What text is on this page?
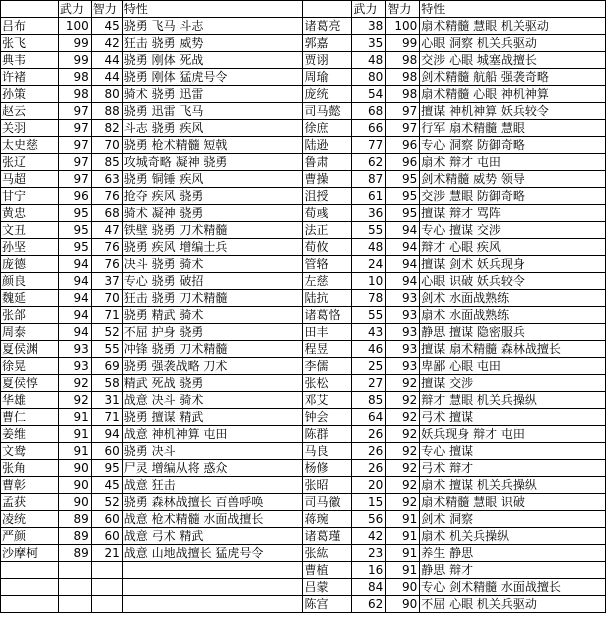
	武力	智力	特性		武力	智力	特性
吕布	100	45	骁勇 飞马 斗志	诸葛亮	38	100	扇术精髓 慧眼 机关驱动
张飞	99	42	狂击 骁勇 威势	郭嘉	35	99	心眼 洞察 机关兵驱动
典韦	99	44	骁勇 刚体 死战	贾诩	48	98	交涉 心眼 城塞战擅长
许褚	98	44	骁勇 刚体 猛虎号令	周瑜	80	98	剑术精髓 航船 强袭奇略
孙策	98	80	骑术 骁勇 迅雷	庞统	54	98	扇术精髓 心眼 神机神算
赵云	97	88	骁勇 迅雷 飞马	司马懿	68	97	擅谋 神机神算 妖兵较令
关羽	97	82	斗志 骁勇 疾风	徐庶	66	97	行军 扇术精髓 慧眼
太史慈	97	70	骁勇 枪术精髓 短戟	陆逊	77	96	专心 洞察 防御奇略
张辽	97	85	攻城奇略 凝神 骁勇	鲁肃	62	96	扇术 辩才 屯田
马超	97	63	骁勇 铜锤 疾风	曹操	87	95	剑术精髓 威势 领导
甘宁	96	76	抢夺 疾风 骁勇	沮授	61	95	交涉 慧眼 防御奇略
黄忠	95	68	骑术 凝神 骁勇	荀彧	36	95	擅谋 辩才 骂阵
文丑	95	47	铁壁 骁勇 刀术精髓	法正	55	94	专心 擅谋 交涉
孙坚	95	76	骁勇 疾风 增编士兵	荀攸	48	94	辩才 心眼 疾风
庞德	94	76	决斗 骁勇 骑术	管辂	24	94	擅谋 剑术 妖兵现身
颜良	94	37	专心 骁勇 破招	左慈	10	94	心眼 识破 妖兵较令
魏延	94	70	狂击 骁勇 刀术精髓	陆抗	78	93	剑术 水面战熟练
张郃	94	71	骁勇 精武 骑术	诸葛恪	55	93	扇术 水面战熟练
周泰	94	52	不屈 护身 骁勇	田丰	43	93	静思 擅谋 隐密服兵
夏侯渊	93	55	冲锋 骁勇 刀术精髓	程昱	46	93	擅谋 扇术精髓 森林战擅长
徐晃	93	69	骁勇 强袭战略 刀术	李儒	25	93	卑鄙 心眼 屯田
夏侯惇	92	58	精武 死战 骁勇	张松	27	92	擅谋 交涉
华雄	92	31	战意 决斗 骑术	邓艾	85	92	辩才 慧眼 机关兵操纵
曹仁	91	71	骁勇 擅谋 精武	钟会	64	92	弓术 擅谋
姜维	91	94	战意 神机神算 屯田	陈群	26	92	妖兵现身 辩才 屯田
文鸯	91	60	骁勇 决斗	马良	26	92	专心 擅谋
张角	90	95	尸灵 增编从将 惑众	杨修	26	92	弓术 辩才
曹彰	90	45	战意 狂击	张昭	20	92	扇术 擅谋 机关兵操纵
孟获	90	52	骁勇 森林战擅长 百兽呼唤	司马徽	15	92	扇术精髓 慧眼 识破
凌统	89	60	战意 枪术精髓 水面战擅长	蒋琬	56	91	剑术 洞察
严颜	89	60	战意 弓术 精武	诸葛瑾	42	91	扇术 机关兵操纵
沙摩柯	89	21	战意 山地战擅长 猛虎号令	张紘	23	91	养生 静思
				曹植	16	91	静思 辩才
				吕蒙	84	90	专心 剑术精髓 水面战擅长
				陈宫	62	90	不屈 心眼 机关兵驱动
